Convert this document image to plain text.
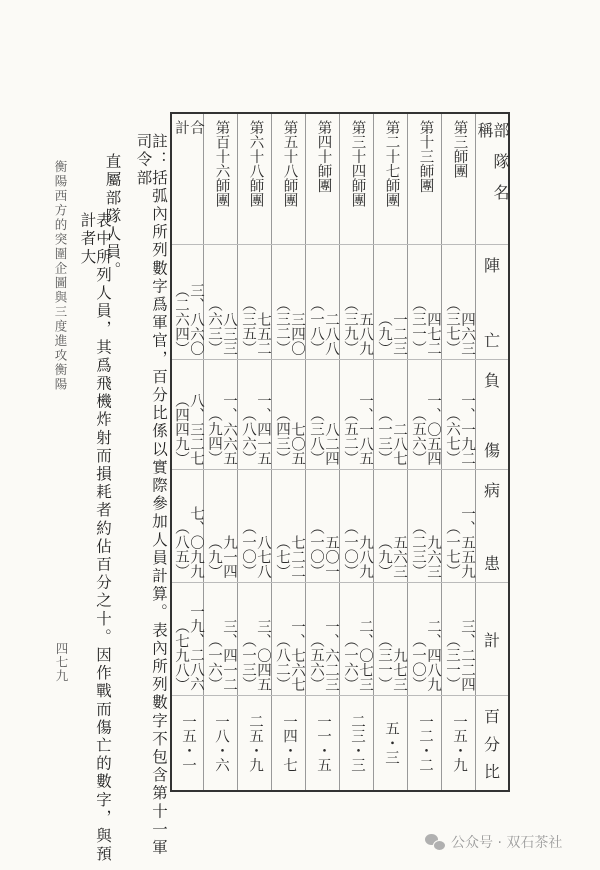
註：括弧內所列數字爲軍官，百分比係以實際參加人員計算。表內所列數字不包含第十一軍司令部
直屬部隊人員。
表中所列人員，其爲飛機炸射而損耗者約佔百分之十。因作戰而傷亡的數字，與預計者大
衡陽西方的突圍企圖與三度進攻衡陽
四七九
部隊名稱
陣
亡
負
傷
病
患
計
百
分
比
第三師團
四六三
（三七）
一、一九二
（六七）
一、五五九
（一七）
三、二二四
（三一）
一五・九
第十三師團
四七二
（三一）
一、〇五四
（五六）
九六三
（二三）
二、四八九
（一〇）
一二・二
第二十七師團
一二三
（九）
二八七
（一三）
五六三
（九）
九七三
（三一）
五・三
第三十四師團
五八九
（三九）
一、一八五
（五二）
九八九
（一〇）
二、〇七三
（一六）
二三・三
第四十師團
二八八
（一八）
八二四
（三八）
五〇一
（一〇）
一、六二三
（五六）
一一・五
第五十八師團
三四〇
（三二）
七〇五
（四三）
七二二
（七）
一、七六七
（八二）
一四・七
第六十八師團
七五二
（三五）
一、四一五
（八六）
八七八
（一〇）
三、〇四五
（一三）
二五・九
第百十六師團
八三三
（六三）
一、六六五
（九四）
九一四
（九）
三、四一二
（一六）
一八・六
合
計
三、八六〇
（二六四）
八、三二七
（四四九）
七、〇九九
（八五）
一九、二八六
（七九八）
一五・一
公众号 · 双石茶社
